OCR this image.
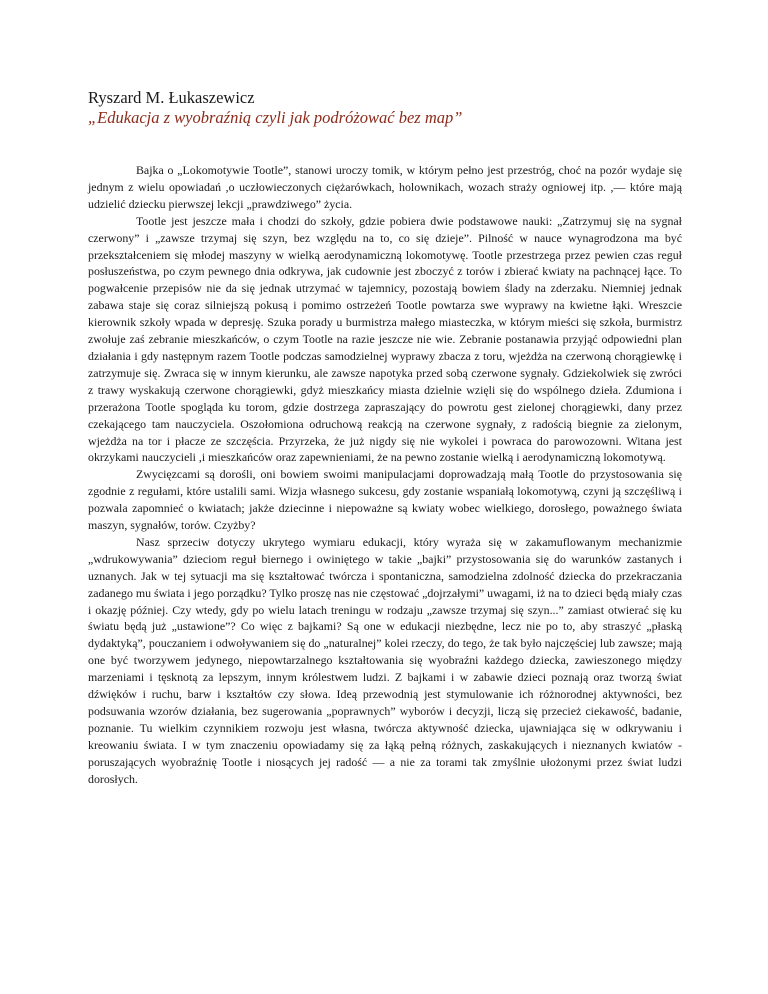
Ryszard M. Łukaszewicz
„Edukacja z wyobraźnią czyli jak podróżować bez map”

Bajka o „Lokomotywie Tootle”, stanowi uroczy tomik, w którym pełno jest przestróg, choć na pozór wydaje się jednym z wielu opowiadań ,o uczłowieczonych ciężarówkach, holownikach, wozach straży ogniowej itp. ,— które mają udzielić dziecku pierwszej lekcji „prawdziwego” życia.

Tootle jest jeszcze mała i chodzi do szkoły, gdzie pobiera dwie podstawowe nauki: „Zatrzymuj się na sygnał czerwony” i „zawsze trzymaj się szyn, bez względu na to, co się dzieje”. Pilność w nauce wynagrodzona ma być przekształceniem się młodej maszyny w wielką aerodynamiczną lokomotywę. Tootle przestrzega przez pewien czas reguł posłuszeństwa, po czym pewnego dnia odkrywa, jak cudownie jest zboczyć z torów i zbierać kwiaty na pachnącej łące. To pogwałcenie przepisów nie da się jednak utrzymać w tajemnicy, pozostają bowiem ślady na zderzaku. Niemniej jednak zabawa staje się coraz silniejszą pokusą i pomimo ostrzeżeń Tootle powtarza swe wyprawy na kwietne łąki. Wreszcie kierownik szkoły wpada w depresję. Szuka porady u burmistrza małego miasteczka, w którym mieści się szkoła, burmistrz zwołuje zaś zebranie mieszkańców, o czym Tootle na razie jeszcze nie wie. Zebranie postanawia przyjąć odpowiedni plan działania i gdy następnym razem Tootle podczas samodzielnej wyprawy zbacza z toru, wjeżdża na czerwoną chorągiewkę i zatrzymuje się. Zwraca się w innym kierunku, ale zawsze napotyka przed sobą czerwone sygnały. Gdziekolwiek się zwróci z trawy wyskakują czerwone chorągiewki, gdyż mieszkańcy miasta dzielnie wzięli się do wspólnego dzieła. Zdumiona i przerażona Tootle spogląda ku torom, gdzie dostrzega zapraszający do powrotu gest zielonej chorągiewki, dany przez czekającego tam nauczyciela. Oszołomiona odruchową reakcją na czerwone sygnały, z radością biegnie za zielonym, wjeżdża na tor i płacze ze szczęścia. Przyrzeka, że już nigdy się nie wykolei i powraca do parowozowni. Witana jest okrzykami nauczycieli ,i mieszkańców oraz zapewnieniami, że na pewno zostanie wielką i aerodynamiczną lokomotywą.

Zwycięzcami są dorośli, oni bowiem swoimi manipulacjami doprowadzają małą Tootle do przystosowania się zgodnie z regułami, które ustalili sami. Wizja własnego sukcesu, gdy zostanie wspaniałą lokomotywą, czyni ją szczęśliwą i pozwala zapomnieć o kwiatach; jakże dziecinne i niepoważne są kwiaty wobec wielkiego, dorosłego, poważnego świata maszyn, sygnałów, torów. Czyżby?

Nasz sprzeciw dotyczy ukrytego wymiaru edukacji, który wyraża się w zakamuflowanym mechanizmie „wdrukowywania” dzieciom reguł biernego i owiniętego w takie „bajki” przystosowania się do warunków zastanych i uznanych. Jak w tej sytuacji ma się kształtować twórcza i spontaniczna, samodzielna zdolność dziecka do przekraczania zadanego mu świata i jego porządku? Tylko proszę nas nie częstować „dojrzałymi” uwagami, iż na to dzieci będą miały czas i okazję później. Czy wtedy, gdy po wielu latach treningu w rodzaju „zawsze trzymaj się szyn...” zamiast otwierać się ku światu będą już „ustawione”? Co więc z bajkami? Są one w edukacji niezbędne, lecz nie po to, aby straszyć „płaską dydaktyką”, pouczaniem i odwoływaniem się do „naturalnej” kolei rzeczy, do tego, że tak było najczęściej lub zawsze; mają one być tworzywem jedynego, niepowtarzalnego kształtowania się wyobraźni każdego dziecka, zawieszonego między marzeniami i tęsknotą za lepszym, innym królestwem ludzi. Z bajkami i w zabawie dzieci poznają oraz tworzą świat dźwięków i ruchu, barw i kształtów czy słowa. Ideą przewodnią jest stymulowanie ich różnorodnej aktywności, bez podsuwania wzorów działania, bez sugerowania „poprawnych” wyborów i decyzji, liczą się przecież ciekawość, badanie, poznanie. Tu wielkim czynnikiem rozwoju jest własna, twórcza aktywność dziecka, ujawniająca się w odkrywaniu i kreowaniu świata. I w tym znaczeniu opowiadamy się za łąką pełną różnych, zaskakujących i nieznanych kwiatów - poruszających wyobraźnię Tootle i niosących jej radość — a nie za torami tak zmyślnie ułożonymi przez świat ludzi dorosłych.
